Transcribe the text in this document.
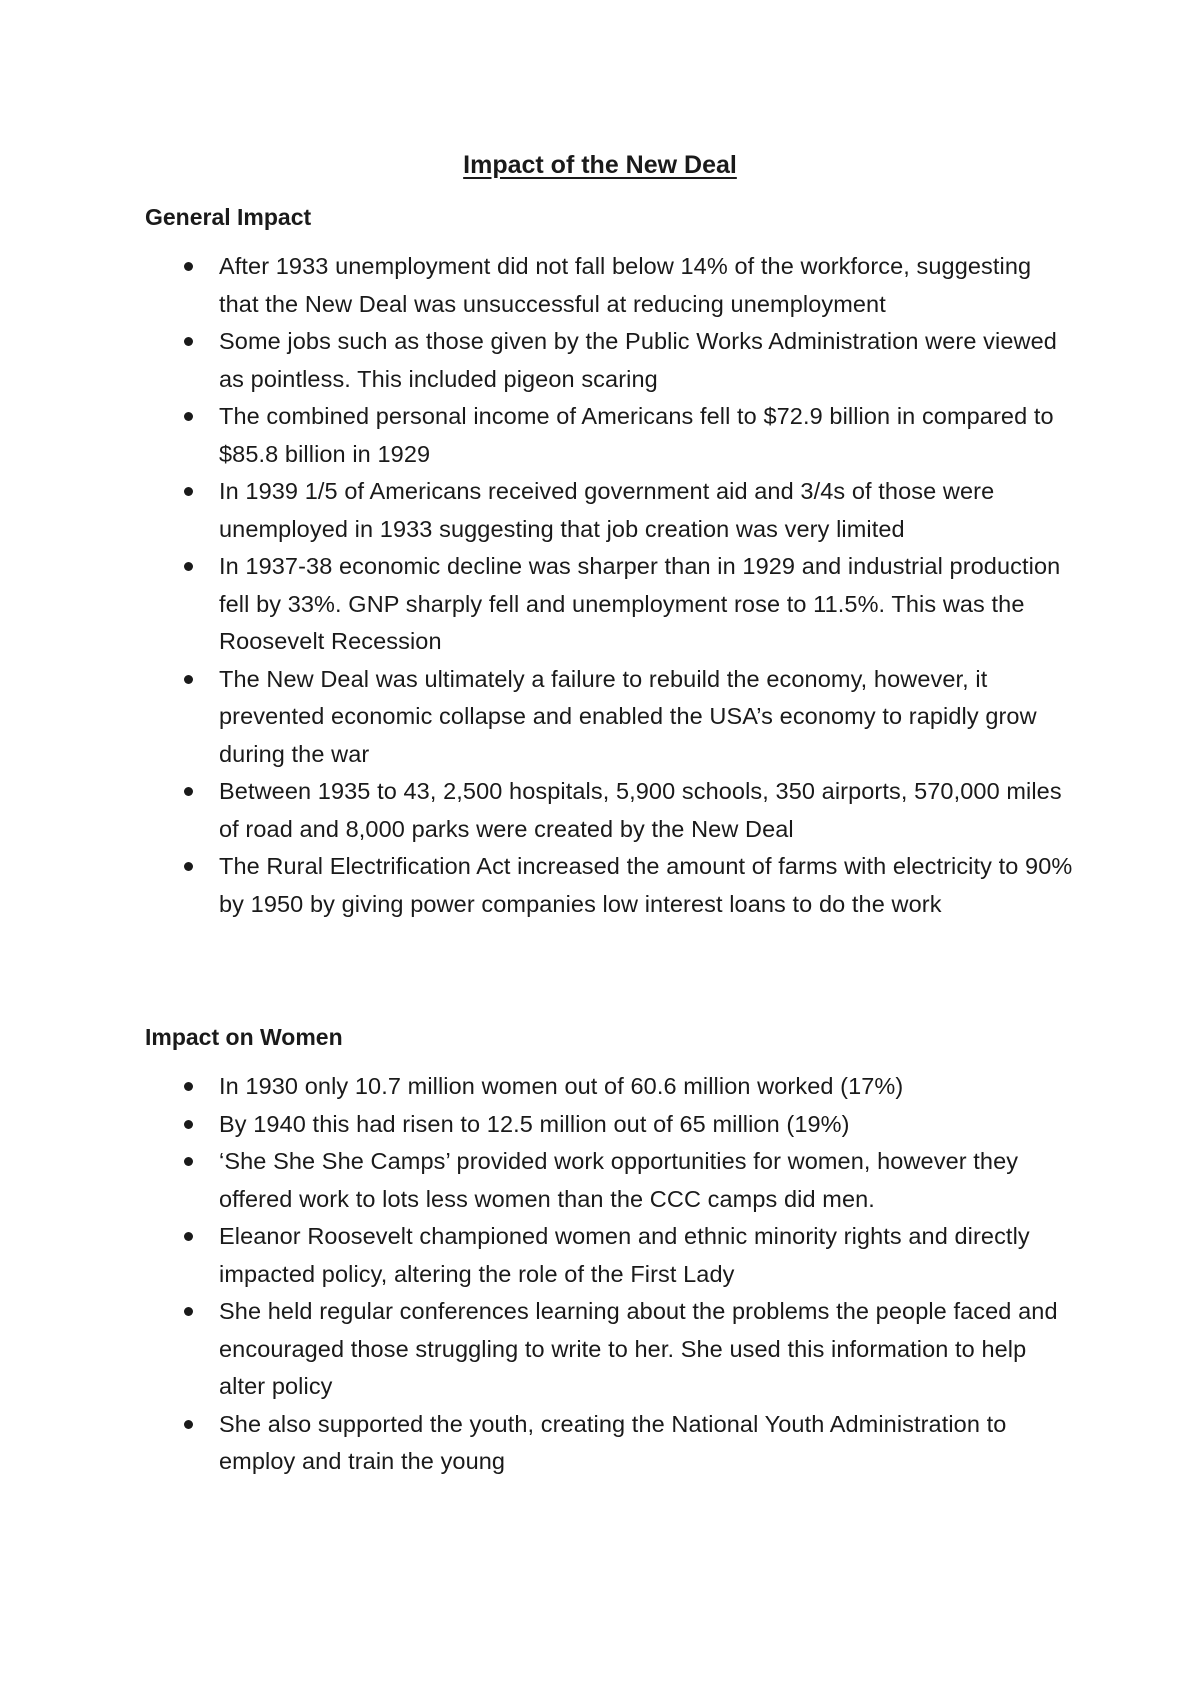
Impact of the New Deal
General Impact
After 1933 unemployment did not fall below 14% of the workforce, suggesting that the New Deal was unsuccessful at reducing unemployment
Some jobs such as those given by the Public Works Administration were viewed as pointless. This included pigeon scaring
The combined personal income of Americans fell to $72.9 billion in compared to $85.8 billion in 1929
In 1939 1/5 of Americans received government aid and 3/4s of those were unemployed in 1933 suggesting that job creation was very limited
In 1937-38 economic decline was sharper than in 1929 and industrial production fell by 33%. GNP sharply fell and unemployment rose to 11.5%. This was the Roosevelt Recession
The New Deal was ultimately a failure to rebuild the economy, however, it prevented economic collapse and enabled the USA’s economy to rapidly grow during the war
Between 1935 to 43, 2,500 hospitals, 5,900 schools, 350 airports, 570,000 miles of road and 8,000 parks were created by the New Deal
The Rural Electrification Act increased the amount of farms with electricity to 90% by 1950 by giving power companies low interest loans to do the work
Impact on Women
In 1930 only 10.7 million women out of 60.6 million worked (17%)
By 1940 this had risen to 12.5 million out of 65 million (19%)
‘She She She Camps’ provided work opportunities for women, however they offered work to lots less women than the CCC camps did men.
Eleanor Roosevelt championed women and ethnic minority rights and directly impacted policy, altering the role of the First Lady
She held regular conferences learning about the problems the people faced and encouraged those struggling to write to her. She used this information to help alter policy
She also supported the youth, creating the National Youth Administration to employ and train the young
